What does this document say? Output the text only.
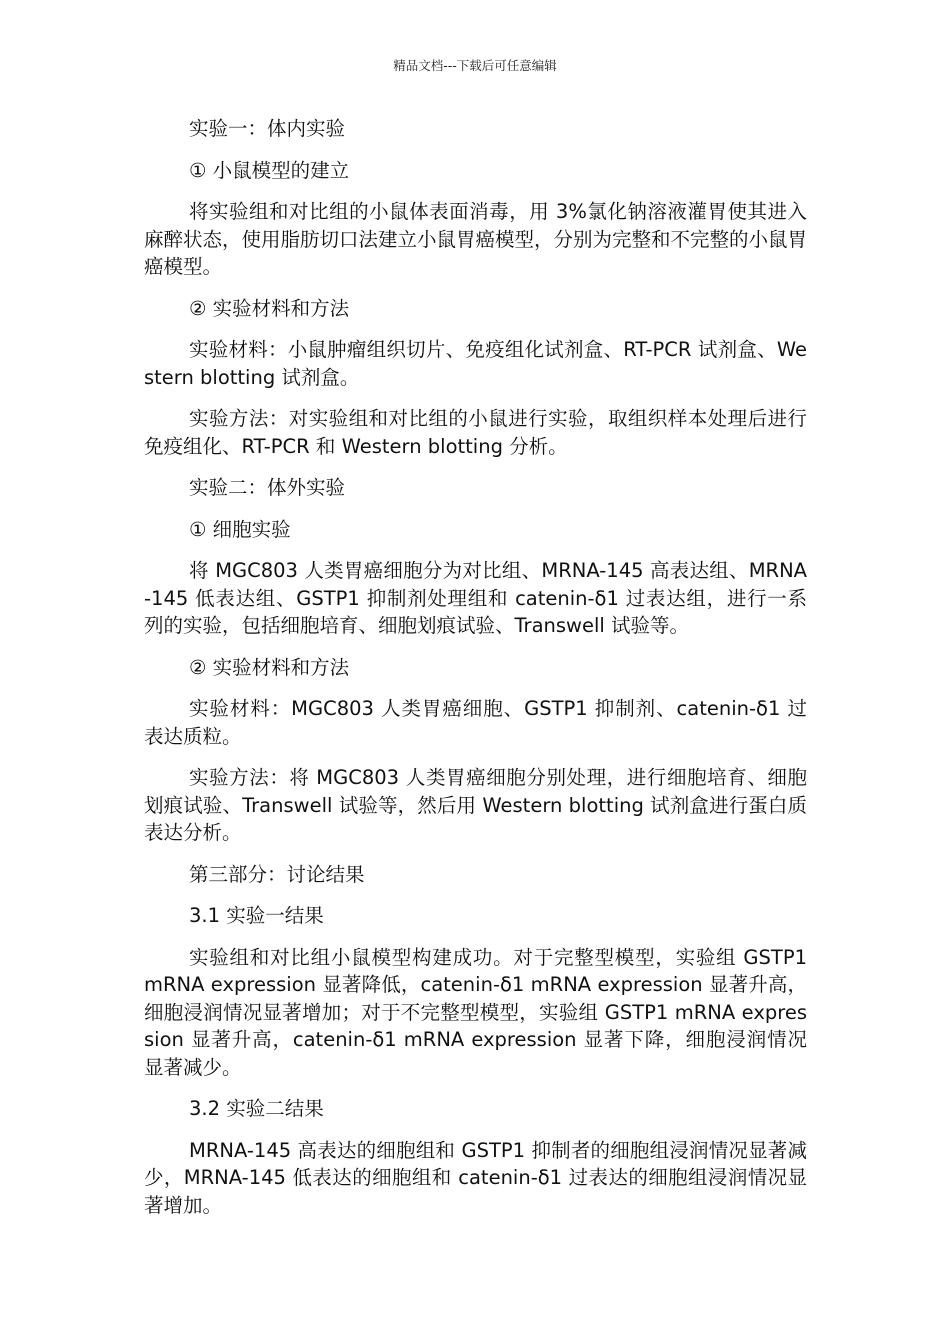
精品文档---下载后可任意编辑

实验一：体内实验

① 小鼠模型的建立

将实验组和对比组的小鼠体表面消毒，用 3%氯化钠溶液灌胃使其进入麻醉状态，使用脂肪切口法建立小鼠胃癌模型，分别为完整和不完整的小鼠胃癌模型。

② 实验材料和方法

实验材料：小鼠肿瘤组织切片、免疫组化试剂盒、RT-PCR 试剂盒、Western blotting 试剂盒。

实验方法：对实验组和对比组的小鼠进行实验，取组织样本处理后进行免疫组化、RT-PCR 和 Western blotting 分析。

实验二：体外实验

① 细胞实验

将 MGC803 人类胃癌细胞分为对比组、MRNA-145 高表达组、MRNA-145 低表达组、GSTP1 抑制剂处理组和 catenin-δ1 过表达组，进行一系列的实验，包括细胞培育、细胞划痕试验、Transwell 试验等。

② 实验材料和方法

实验材料：MGC803 人类胃癌细胞、GSTP1 抑制剂、catenin-δ1 过表达质粒。

实验方法：将 MGC803 人类胃癌细胞分别处理，进行细胞培育、细胞划痕试验、Transwell 试验等，然后用 Western blotting 试剂盒进行蛋白质表达分析。

第三部分：讨论结果

3.1 实验一结果

实验组和对比组小鼠模型构建成功。对于完整型模型，实验组 GSTP1 mRNA expression 显著降低，catenin-δ1 mRNA expression 显著升高，细胞浸润情况显著增加；对于不完整型模型，实验组 GSTP1 mRNA expression 显著升高，catenin-δ1 mRNA expression 显著下降，细胞浸润情况显著减少。

3.2 实验二结果

MRNA-145 高表达的细胞组和 GSTP1 抑制者的细胞组浸润情况显著减少，MRNA-145 低表达的细胞组和 catenin-δ1 过表达的细胞组浸润情况显著增加。
